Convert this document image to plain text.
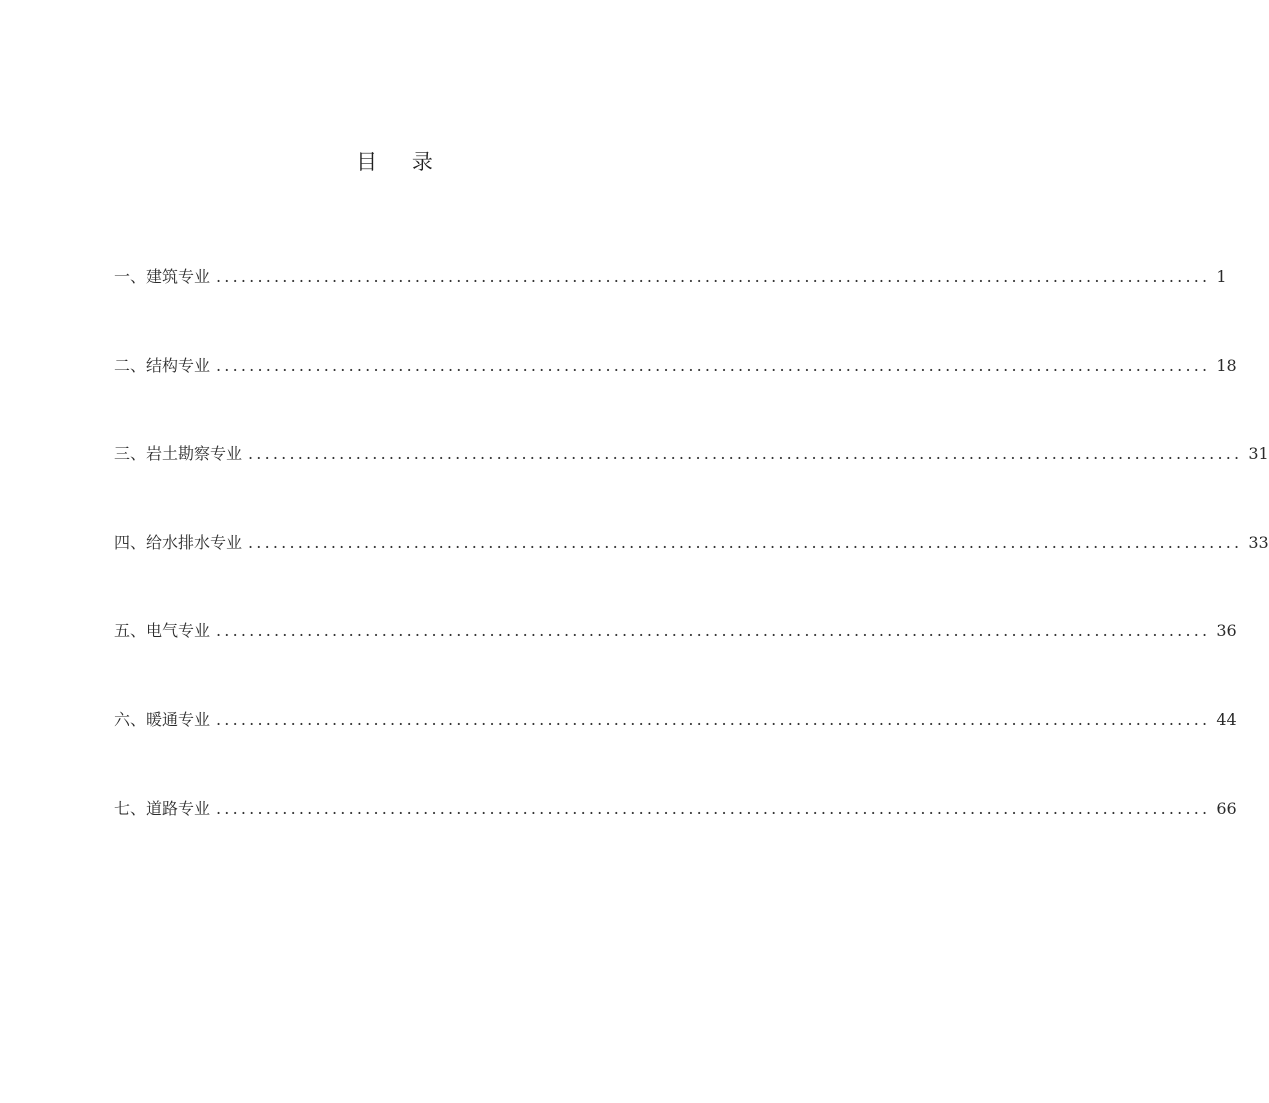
目 录
一、建筑专业 ........................................................................................................................ 1
二、结构专业 ........................................................................................................................ 18
三、岩土勘察专业 ........................................................................................................................ 31
四、给水排水专业 ........................................................................................................................ 33
五、电气专业 ........................................................................................................................ 36
六、暖通专业 ........................................................................................................................ 44
七、道路专业 ........................................................................................................................ 66
